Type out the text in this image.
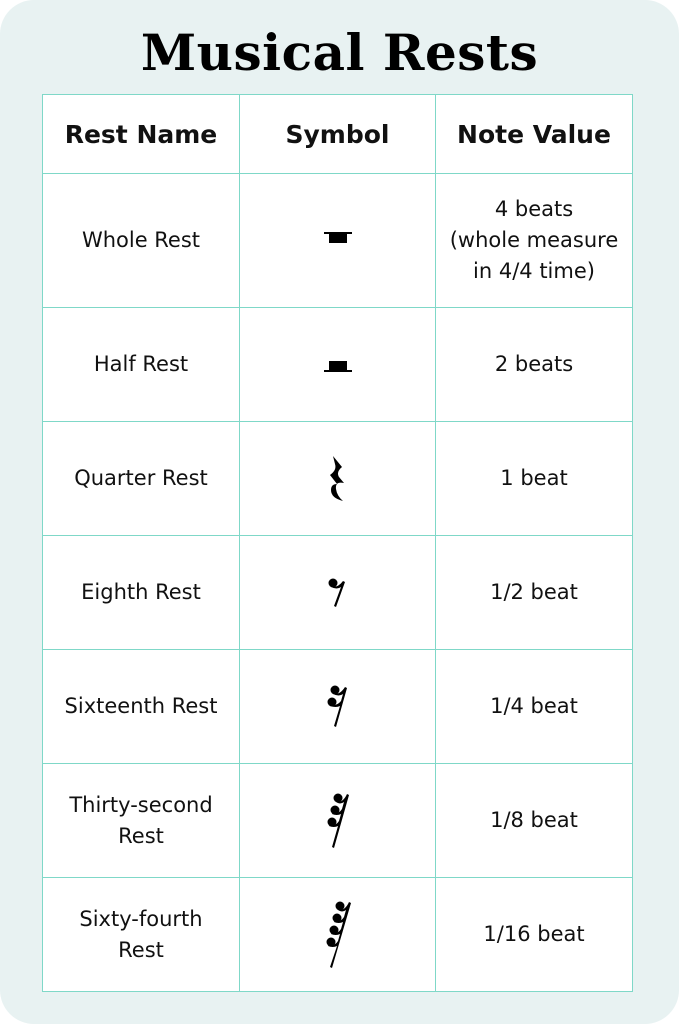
Musical Rests
Rest Name	Symbol	Note Value
Whole Rest		4 beats
(whole measure
in 4/4 time)
Half Rest		2 beats
Quarter Rest		1 beat
Eighth Rest		1/2 beat
Sixteenth Rest		1/4 beat
Thirty-second
Rest		1/8 beat
Sixty-fourth
Rest		1/16 beat
